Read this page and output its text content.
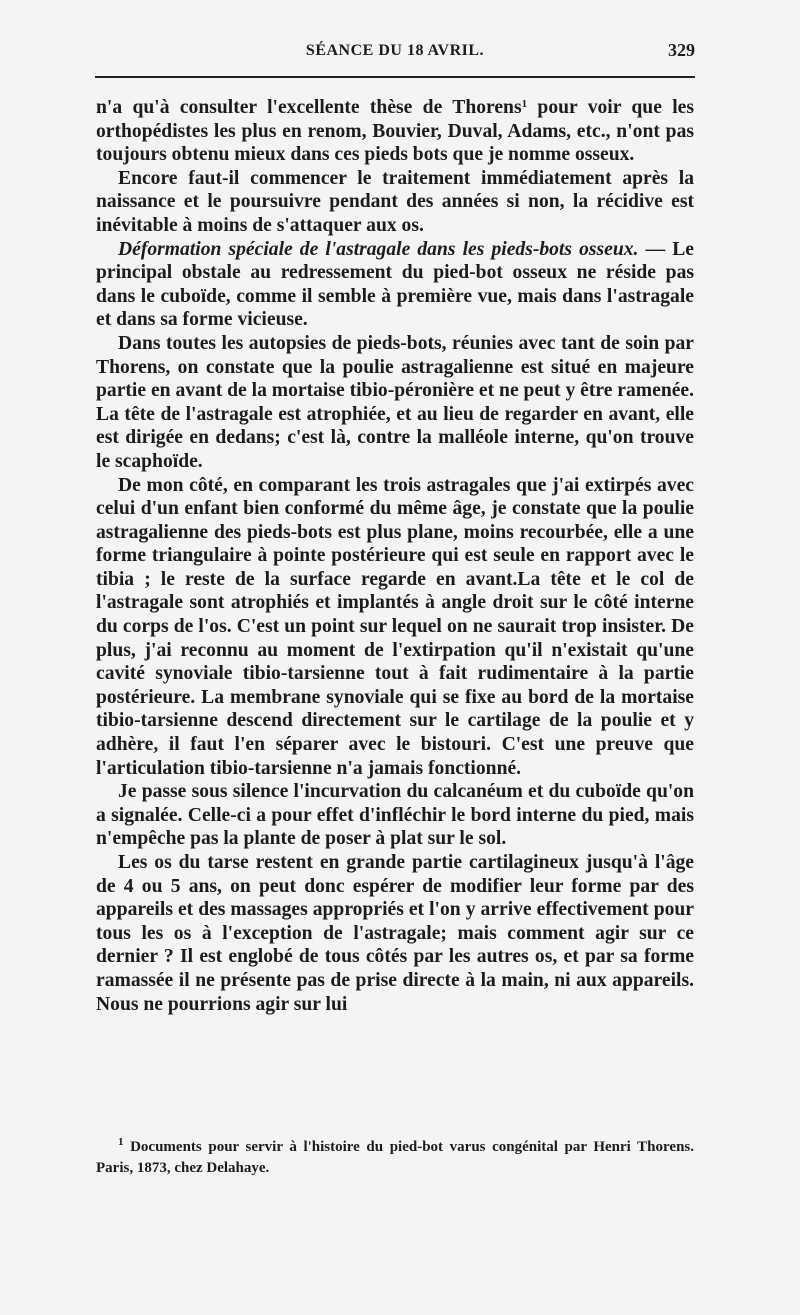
SÉANCE DU 18 AVRIL.	329

n'a qu'à consulter l'excellente thèse de Thorens$^1$ pour voir que les orthopédistes les plus en renom, Bouvier, Duval, Adams, etc., n'ont pas toujours obtenu mieux dans ces pieds bots que je nomme osseux.

Encore faut-il commencer le traitement immédiatement après la naissance et le poursuivre pendant des années si non, la récidive est inévitable à moins de s'attaquer aux os.

Déformation spéciale de l'astragale dans les pieds-bots osseux. — Le principal obstale au redressement du pied-bot osseux ne réside pas dans le cuboïde, comme il semble à première vue, mais dans l'astragale et dans sa forme vicieuse.

Dans toutes les autopsies de pieds-bots, réunies avec tant de soin par Thorens, on constate que la poulie astragalienne est situé en majeure partie en avant de la mortaise tibio-péronière et ne peut y être ramenée. La tête de l'astragale est atrophiée, et au lieu de regarder en avant, elle est dirigée en dedans; c'est là, contre la malléole interne, qu'on trouve le scaphoïde.

De mon côté, en comparant les trois astragales que j'ai extirpés avec celui d'un enfant bien conformé du même âge, je constate que la poulie astragalienne des pieds-bots est plus plane, moins recourbée, elle a une forme triangulaire à pointe postérieure qui est seule en rapport avec le tibia ; le reste de la surface regarde en avant.La tête et le col de l'astragale sont atrophiés et implantés à angle droit sur le côté interne du corps de l'os. C'est un point sur lequel on ne saurait trop insister. De plus, j'ai reconnu au moment de l'extirpation qu'il n'existait qu'une cavité synoviale tibio-tarsienne tout à fait rudimentaire à la partie postérieure. La membrane synoviale qui se fixe au bord de la mortaise tibio-tarsienne descend directement sur le cartilage de la poulie et y adhère, il faut l'en séparer avec le bistouri. C'est une preuve que l'articulation tibio-tarsienne n'a jamais fonctionné.

Je passe sous silence l'incurvation du calcanéum et du cuboïde qu'on a signalée. Celle-ci a pour effet d'infléchir le bord interne du pied, mais n'empêche pas la plante de poser à plat sur le sol.

Les os du tarse restent en grande partie cartilagineux jusqu'à l'âge de 4 ou 5 ans, on peut donc espérer de modifier leur forme par des appareils et des massages appropriés et l'on y arrive effectivement pour tous les os à l'exception de l'astragale; mais comment agir sur ce dernier ? Il est englobé de tous côtés par les autres os, et par sa forme ramassée il ne présente pas de prise directe à la main, ni aux appareils. Nous ne pourrions agir sur lui

$^1$ Documents pour servir à l'histoire du pied-bot varus congénital par Henri Thorens. Paris, 1873, chez Delahaye.
